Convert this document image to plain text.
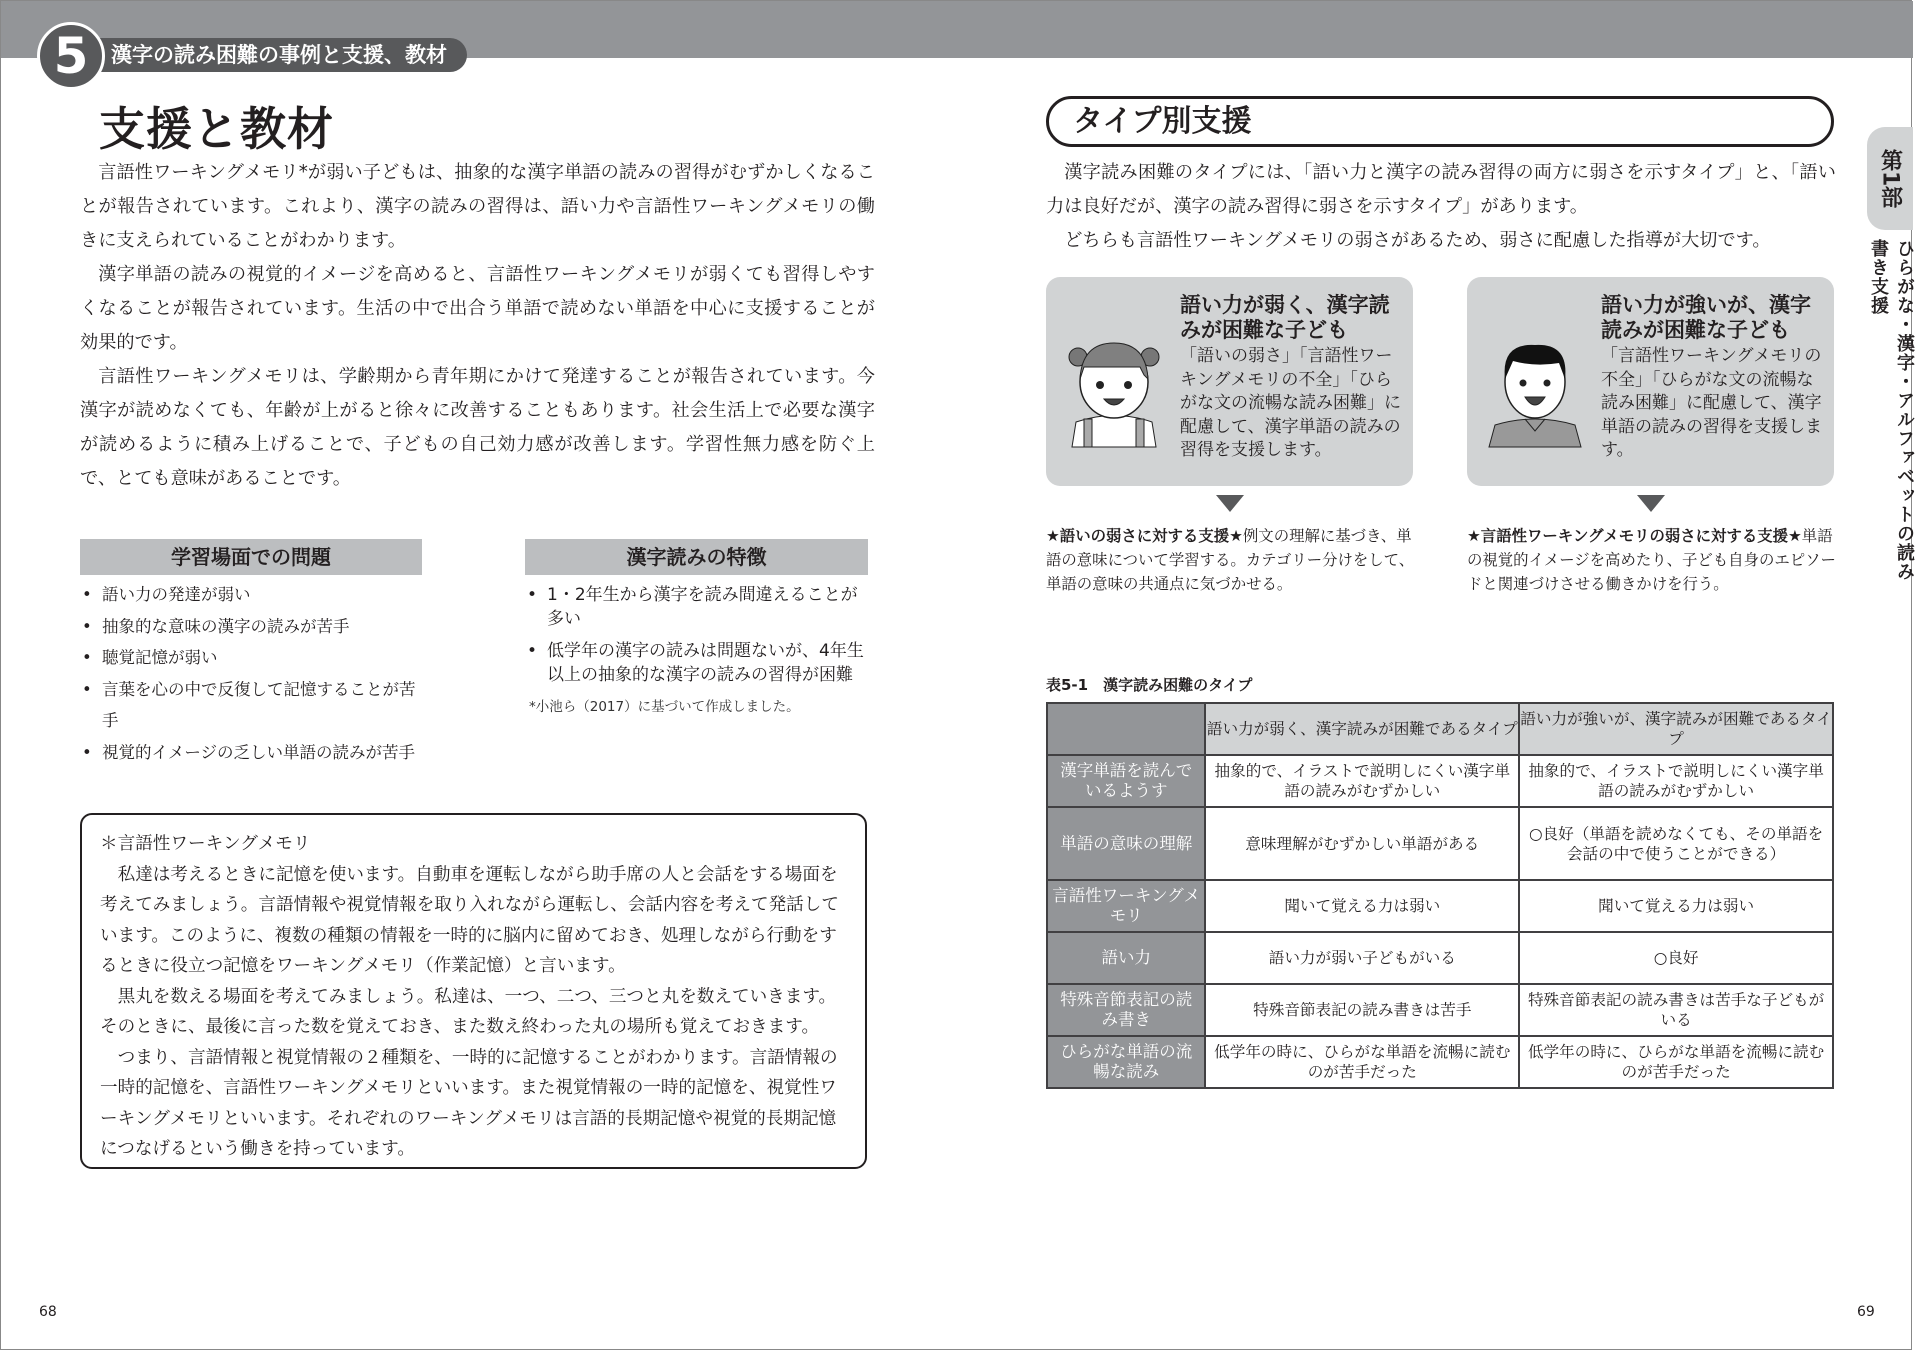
5	漢字の読み困難の事例と支援、教材
支援と教材

言語性ワーキングメモリ*が弱い子どもは、抽象的な漢字単語の読みの習得がむずかしくなることが報告されています。これより、漢字の読みの習得は、語い力や言語性ワーキングメモリの働きに支えられていることがわかります。

漢字単語の読みの視覚的イメージを高めると、言語性ワーキングメモリが弱くても習得しやすくなることが報告されています。生活の中で出合う単語で読めない単語を中心に支援することが効果的です。

言語性ワーキングメモリは、学齢期から青年期にかけて発達することが報告されています。今漢字が読めなくても、年齢が上がると徐々に改善することもあります。社会生活上で必要な漢字が読めるように積み上げることで、子どもの自己効力感が改善します。学習性無力感を防ぐ上で、とても意味があることです。

学習場面での問題
• 語い力の発達が弱い
• 抽象的な意味の漢字の読みが苦手
• 聴覚記憶が弱い
• 言葉を心の中で反復して記憶することが苦手
• 視覚的イメージの乏しい単語の読みが苦手
漢字読みの特徴
• 1・2年生から漢字を読み間違えることが多い
• 低学年の漢字の読みは問題ないが、4年生以上の抽象的な漢字の読みの習得が困難
*小池ら（2017）に基づいて作成しました。
＊言語性ワーキングメモリ

私達は考えるときに記憶を使います。自動車を運転しながら助手席の人と会話をする場面を考えてみましょう。言語情報や視覚情報を取り入れながら運転し、会話内容を考えて発話しています。このように、複数の種類の情報を一時的に脳内に留めておき、処理しながら行動をするときに役立つ記憶をワーキングメモリ（作業記憶）と言います。

黒丸を数える場面を考えてみましょう。私達は、一つ、二つ、三つと丸を数えていきます。そのときに、最後に言った数を覚えておき、また数え終わった丸の場所も覚えておきます。

つまり、言語情報と視覚情報の２種類を、一時的に記憶することがわかります。言語情報の一時的記憶を、言語性ワーキングメモリといいます。また視覚情報の一時的記憶を、視覚性ワーキングメモリといいます。それぞれのワーキングメモリは言語的長期記憶や視覚的長期記憶につなげるという働きを持っています。

68
タイプ別支援
第1部
ひらがな・漢字・アルファベットの読み書き支援

漢字読み困難のタイプには、「語い力と漢字の読み習得の両方に弱さを示すタイプ」と、「語い力は良好だが、漢字の読み習得に弱さを示すタイプ」があります。

どちらも言語性ワーキングメモリの弱さがあるため、弱さに配慮した指導が大切です。

語い力が弱く、漢字読みが困難な子ども
「語いの弱さ」「言語性ワーキングメモリの不全」「ひらがな文の流暢な読み困難」に配慮して、漢字単語の読みの習得を支援します。
語い力が強いが、漢字読みが困難な子ども
「言語性ワーキングメモリの不全」「ひらがな文の流暢な読み困難」に配慮して、漢字単語の読みの習得を支援します。
★語いの弱さに対する支援★例文の理解に基づき、単語の意味について学習する。カテゴリー分けをして、単語の意味の共通点に気づかせる。
★言語性ワーキングメモリの弱さに対する支援★単語の視覚的イメージを高めたり、子ども自身のエピソードと関連づけさせる働きかけを行う。
表5-1　漢字読み困難のタイプ
	語い力が弱く、漢字読みが困難であるタイプ	語い力が強いが、漢字読みが困難であるタイプ
漢字単語を読んでいるようす	抽象的で、イラストで説明しにくい漢字単語の読みがむずかしい	抽象的で、イラストで説明しにくい漢字単語の読みがむずかしい
単語の意味の理解	意味理解がむずかしい単語がある	○良好（単語を読めなくても、その単語を会話の中で使うことができる）
言語性ワーキングメモリ	聞いて覚える力は弱い	聞いて覚える力は弱い
語い力	語い力が弱い子どもがいる	○良好
特殊音節表記の読み書き	特殊音節表記の読み書きは苦手	特殊音節表記の読み書きは苦手な子どもがいる
ひらがな単語の流暢な読み	低学年の時に、ひらがな単語を流暢に読むのが苦手だった	低学年の時に、ひらがな単語を流暢に読むのが苦手だった
69
